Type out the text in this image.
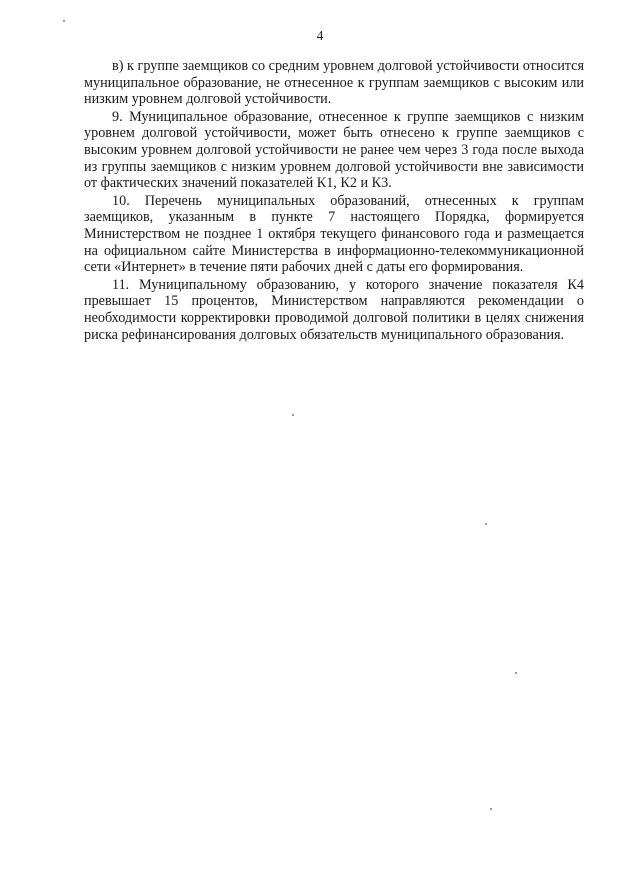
4

в) к группе заемщиков со средним уровнем долговой устойчивости относится муниципальное образование, не отнесенное к группам заемщиков с высоким или низким уровнем долговой устойчивости.

9. Муниципальное образование, отнесенное к группе заемщиков с низким уровнем долговой устойчивости, может быть отнесено к группе заемщиков с высоким уровнем долговой устойчивости не ранее чем через 3 года после выхода из группы заемщиков с низким уровнем долговой устойчивости вне зависимости от фактических значений показателей К1, К2 и К3.

10. Перечень муниципальных образований, отнесенных к группам заемщиков, указанным в пункте 7 настоящего Порядка, формируется Министерством не позднее 1 октября текущего финансового года и размещается на официальном сайте Министерства в информационно-телекоммуникационной сети «Интернет» в течение пяти рабочих дней с даты его формирования.

11. Муниципальному образованию, у которого значение показателя К4 превышает 15 процентов, Министерством направляются рекомендации о необходимости корректировки проводимой долговой политики в целях снижения риска рефинансирования долговых обязательств муниципального образования.
